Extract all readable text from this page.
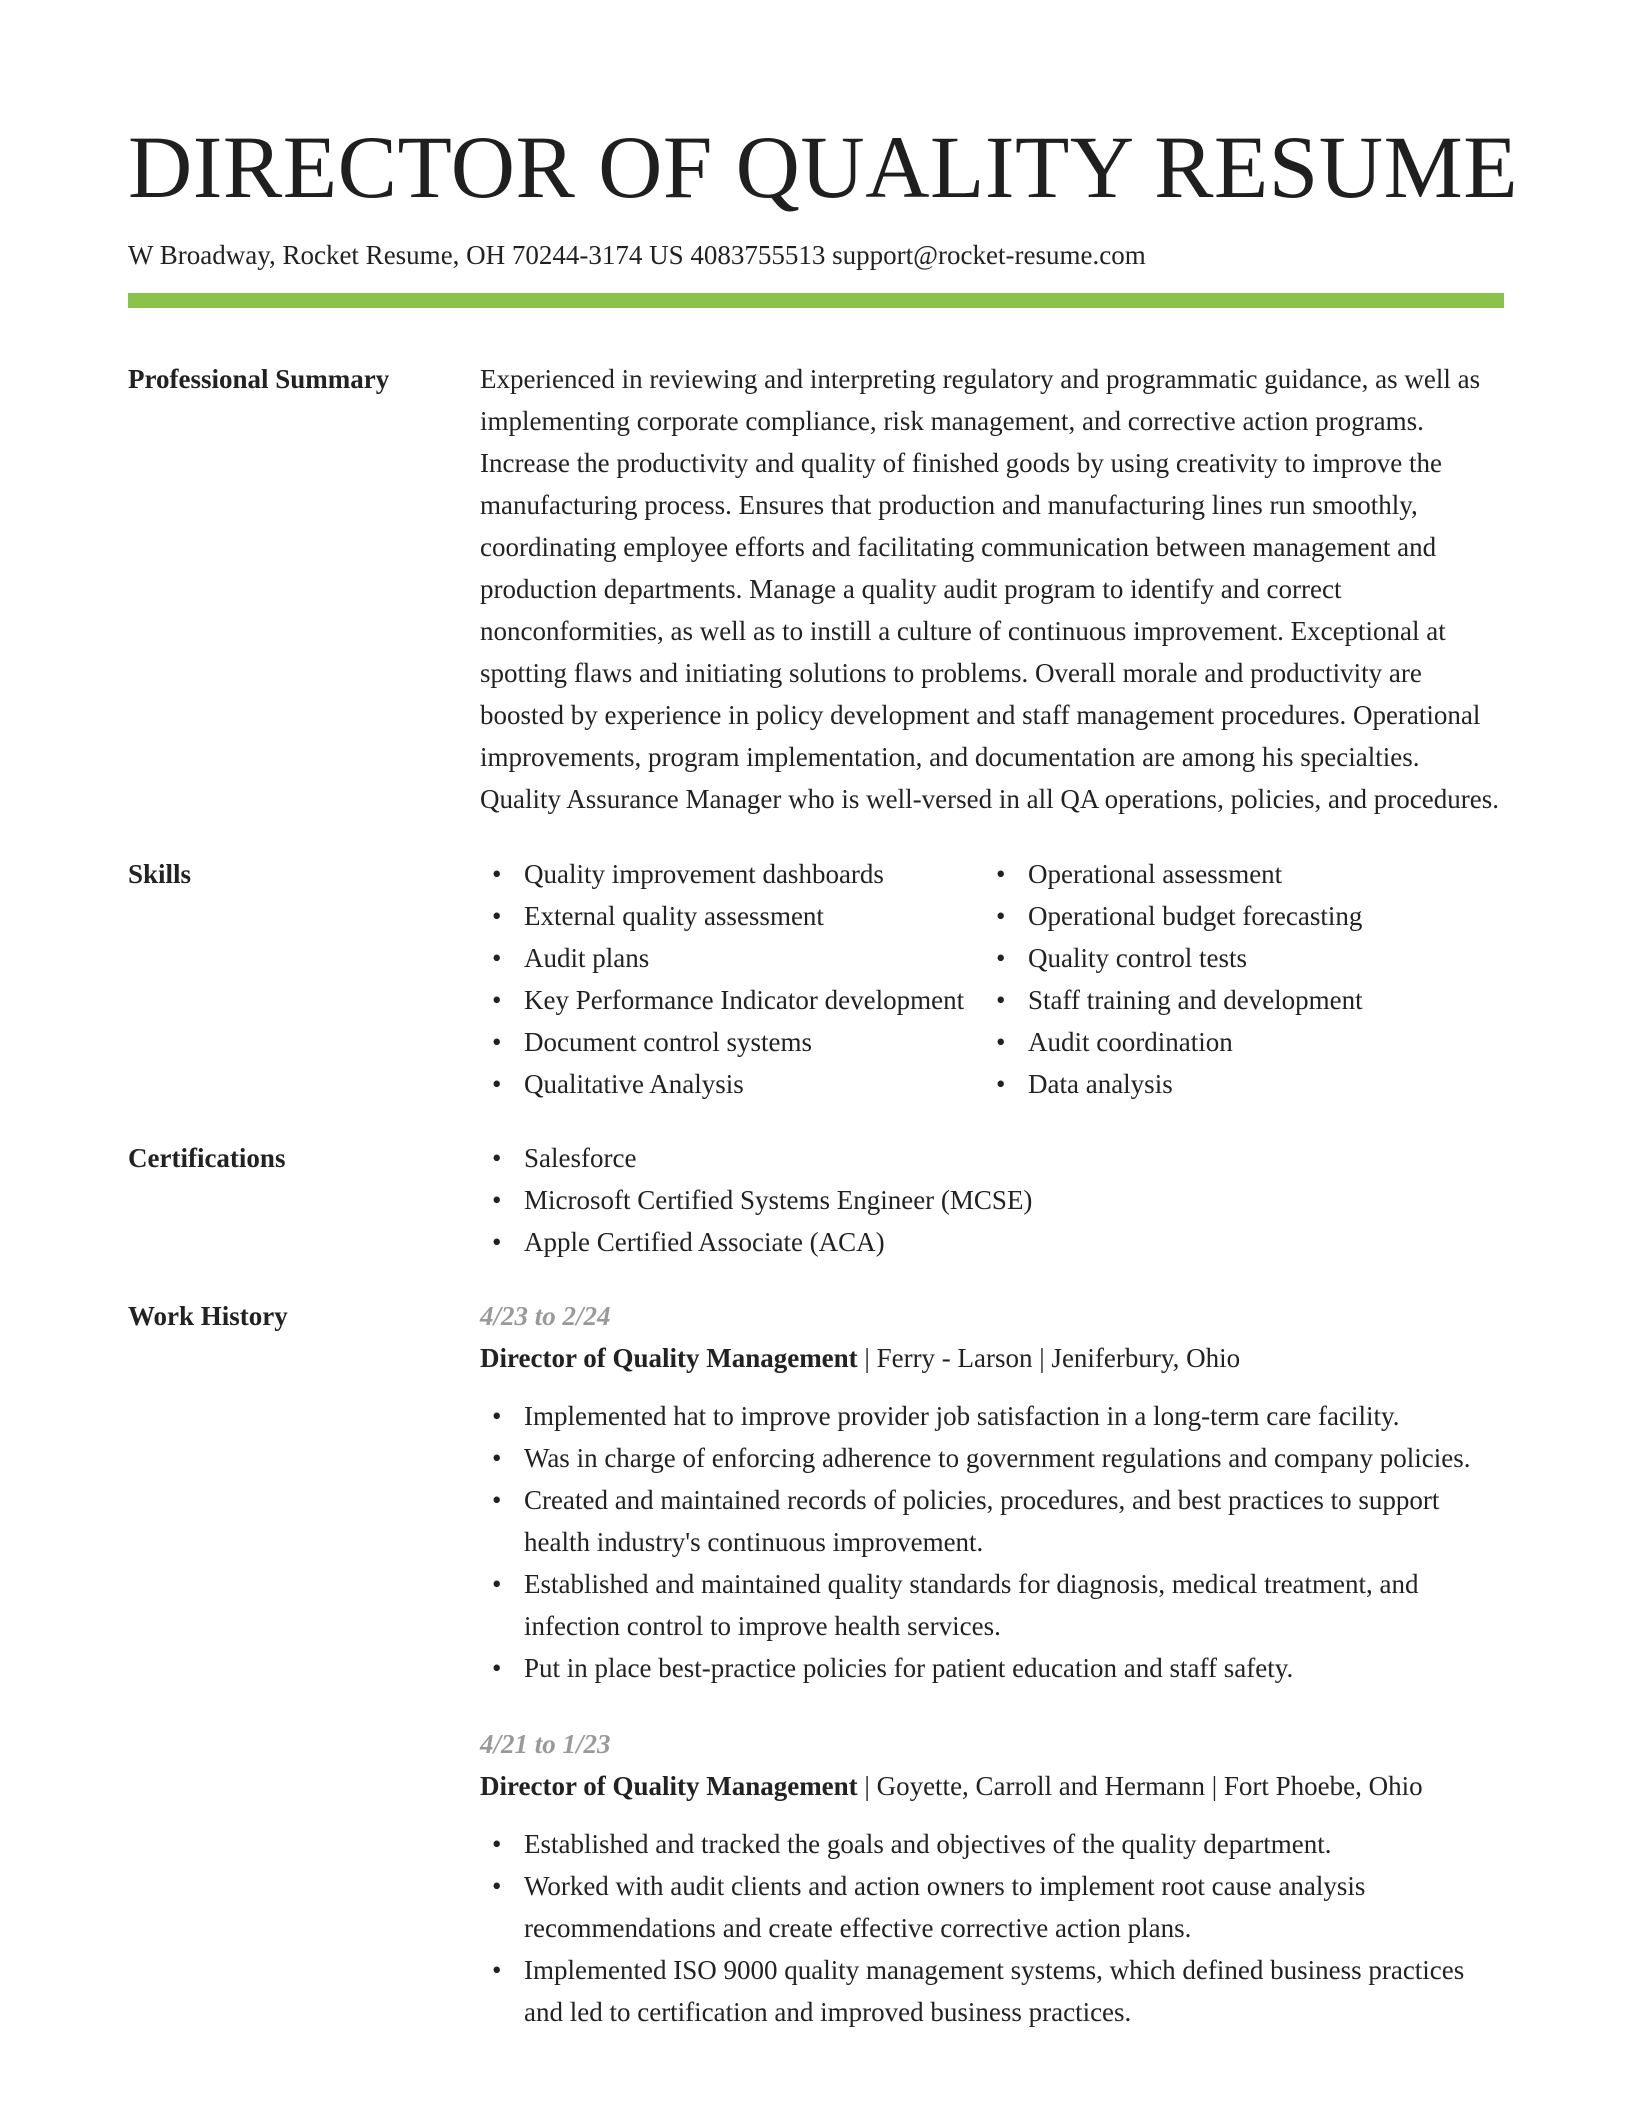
DIRECTOR OF QUALITY RESUME
W Broadway, Rocket Resume, OH 70244-3174 US 4083755513 support@rocket-resume.com
Professional Summary	Experienced in reviewing and interpreting regulatory and programmatic guidance, as well as implementing corporate compliance, risk management, and corrective action programs. Increase the productivity and quality of finished goods by using creativity to improve the manufacturing process. Ensures that production and manufacturing lines run smoothly, coordinating employee efforts and facilitating communication between management and production departments. Manage a quality audit program to identify and correct nonconformities, as well as to instill a culture of continuous improvement. Exceptional at spotting flaws and initiating solutions to problems. Overall morale and productivity are boosted by experience in policy development and staff management procedures. Operational improvements, program implementation, and documentation are among his specialties. Quality Assurance Manager who is well-versed in all QA operations, policies, and procedures.
Skills	• Quality improvement dashboards
• External quality assessment
• Audit plans
• Key Performance Indicator development
• Document control systems
• Qualitative Analysis
• Operational assessment
• Operational budget forecasting
• Quality control tests
• Staff training and development
• Audit coordination
• Data analysis
Certifications	• Salesforce
• Microsoft Certified Systems Engineer (MCSE)
• Apple Certified Associate (ACA)
Work History	4/23 to 2/24
Director of Quality Management | Ferry - Larson | Jeniferbury, Ohio
• Implemented hat to improve provider job satisfaction in a long-term care facility.
• Was in charge of enforcing adherence to government regulations and company policies.
• Created and maintained records of policies, procedures, and best practices to support health industry's continuous improvement.
• Established and maintained quality standards for diagnosis, medical treatment, and infection control to improve health services.
• Put in place best-practice policies for patient education and staff safety.
4/21 to 1/23
Director of Quality Management | Goyette, Carroll and Hermann | Fort Phoebe, Ohio
• Established and tracked the goals and objectives of the quality department.
• Worked with audit clients and action owners to implement root cause analysis recommendations and create effective corrective action plans.
• Implemented ISO 9000 quality management systems, which defined business practices and led to certification and improved business practices.
